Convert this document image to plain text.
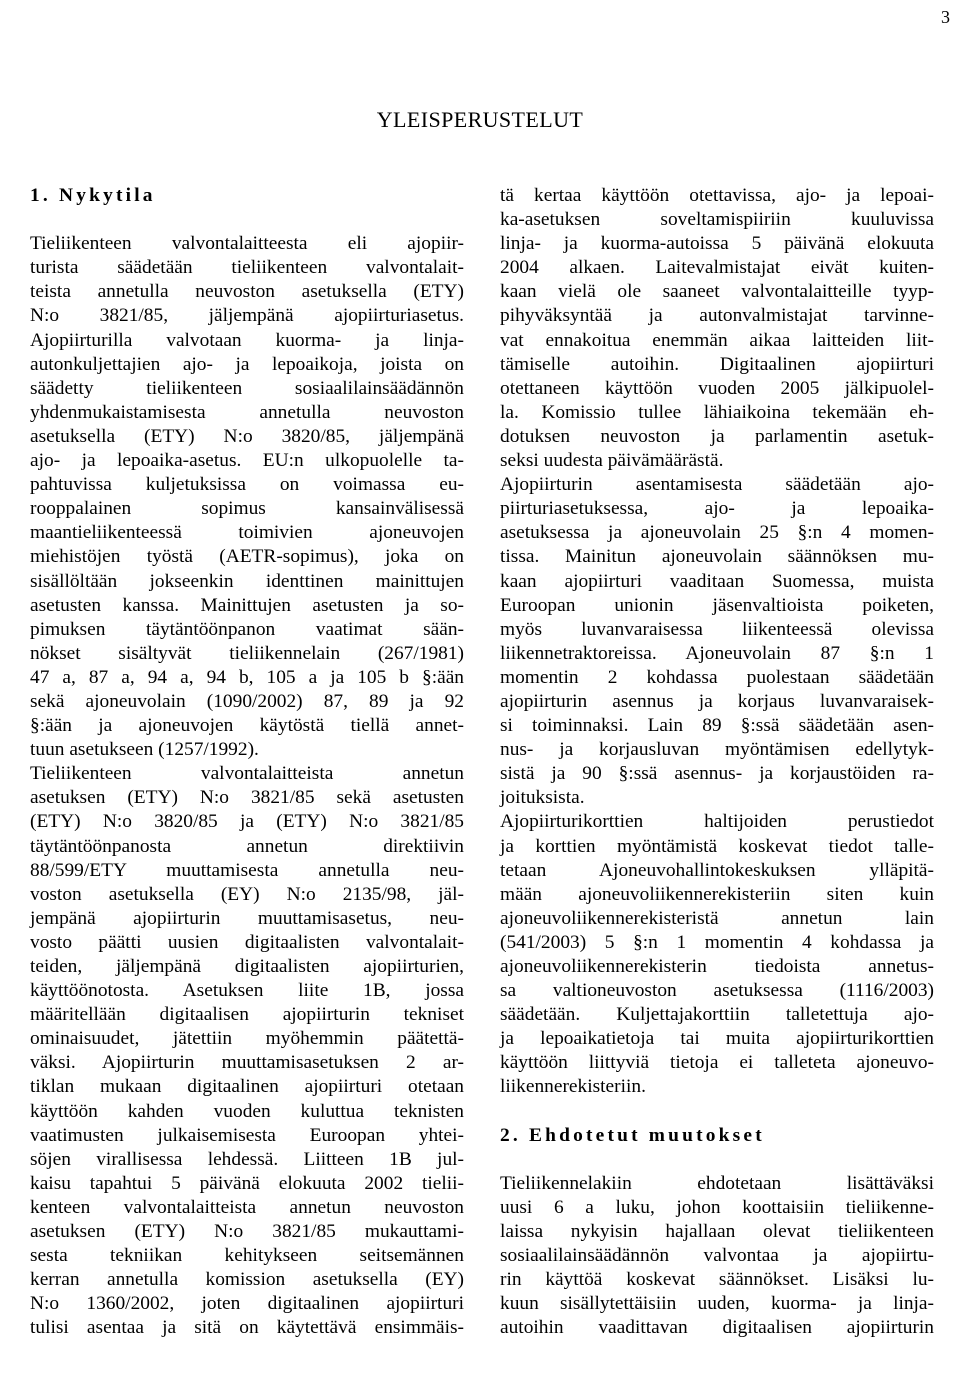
3
YLEISPERUSTELUT
1. Nykytila
Tieliikenteen valvontalaitteesta eli ajopiir-
turista säädetään tieliikenteen valvontalait-
teista annetulla neuvoston asetuksella (ETY)
N:o 3821/85, jäljempänä ajopiirturiasetus.
Ajopiirturilla valvotaan kuorma- ja linja-
autonkuljettajien ajo- ja lepoaikoja, joista on
säädetty tieliikenteen sosiaalilainsäädännön
yhdenmukaistamisesta annetulla neuvoston
asetuksella (ETY) N:o 3820/85, jäljempänä
ajo- ja lepoaika-asetus. EU:n ulkopuolelle ta-
pahtuvissa kuljetuksissa on voimassa eu-
rooppalainen sopimus kansainvälisessä
maantieliikenteessä toimivien ajoneuvojen
miehistöjen työstä (AETR-sopimus), joka on
sisällöltään jokseenkin identtinen mainittujen
asetusten kanssa. Mainittujen asetusten ja so-
pimuksen täytäntöönpanon vaatimat sään-
nökset sisältyvät tieliikennelain (267/1981)
47 a, 87 a, 94 a, 94 b, 105 a ja 105 b §:ään
sekä ajoneuvolain (1090/2002) 87, 89 ja 92
§:ään ja ajoneuvojen käytöstä tiellä annet-
tuun asetukseen (1257/1992).
Tieliikenteen valvontalaitteista annetun
asetuksen (ETY) N:o 3821/85 sekä asetusten
(ETY) N:o 3820/85 ja (ETY) N:o 3821/85
täytäntöönpanosta annetun direktiivin
88/599/ETY muuttamisesta annetulla neu-
voston asetuksella (EY) N:o 2135/98, jäl-
jempänä ajopiirturin muuttamisasetus, neu-
vosto päätti uusien digitaalisten valvontalait-
teiden, jäljempänä digitaalisten ajopiirturien,
käyttöönotosta. Asetuksen liite 1B, jossa
määritellään digitaalisen ajopiirturin tekniset
ominaisuudet, jätettiin myöhemmin päätettä-
väksi. Ajopiirturin muuttamisasetuksen 2 ar-
tiklan mukaan digitaalinen ajopiirturi otetaan
käyttöön kahden vuoden kuluttua teknisten
vaatimusten julkaisemisesta Euroopan yhtei-
söjen virallisessa lehdessä. Liitteen 1B jul-
kaisu tapahtui 5 päivänä elokuuta 2002 tielii-
kenteen valvontalaitteista annetun neuvoston
asetuksen (ETY) N:o 3821/85 mukauttami-
sesta tekniikan kehitykseen seitsemännen
kerran annetulla komission asetuksella (EY)
N:o 1360/2002, joten digitaalinen ajopiirturi
tulisi asentaa ja sitä on käytettävä ensimmäis-
tä kertaa käyttöön otettavissa, ajo- ja lepoai-
ka-asetuksen soveltamispiiriin kuuluvissa
linja- ja kuorma-autoissa 5 päivänä elokuuta
2004 alkaen. Laitevalmistajat eivät kuiten-
kaan vielä ole saaneet valvontalaitteille tyyp-
pihyväksyntää ja autonvalmistajat tarvinne-
vat ennakoitua enemmän aikaa laitteiden liit-
tämiselle autoihin. Digitaalinen ajopiirturi
otettaneen käyttöön vuoden 2005 jälkipuolel-
la. Komissio tullee lähiaikoina tekemään eh-
dotuksen neuvoston ja parlamentin asetuk-
seksi uudesta päivämäärästä.
Ajopiirturin asentamisesta säädetään ajo-
piirturiasetuksessa, ajo- ja lepoaika-
asetuksessa ja ajoneuvolain 25 §:n 4 momen-
tissa. Mainitun ajoneuvolain säännöksen mu-
kaan ajopiirturi vaaditaan Suomessa, muista
Euroopan unionin jäsenvaltioista poiketen,
myös luvanvaraisessa liikenteessä olevissa
liikennetraktoreissa. Ajoneuvolain 87 §:n 1
momentin 2 kohdassa puolestaan säädetään
ajopiirturin asennus ja korjaus luvanvaraisek-
si toiminnaksi. Lain 89 §:ssä säädetään asen-
nus- ja korjausluvan myöntämisen edellytyk-
sistä ja 90 §:ssä asennus- ja korjaustöiden ra-
joituksista.
Ajopiirturikorttien haltijoiden perustiedot
ja korttien myöntämistä koskevat tiedot talle-
tetaan Ajoneuvohallintokeskuksen ylläpitä-
mään ajoneuvoliikennerekisteriin siten kuin
ajoneuvoliikennerekisteristä annetun lain
(541/2003) 5 §:n 1 momentin 4 kohdassa ja
ajoneuvoliikennerekisterin tiedoista annetus-
sa valtioneuvoston asetuksessa (1116/2003)
säädetään. Kuljettajakorttiin talletettuja ajo-
ja lepoaikatietoja tai muita ajopiirturikorttien
käyttöön liittyviä tietoja ei talleteta ajoneuvo-
liikennerekisteriin.
2. Ehdotetut muutokset
Tieliikennelakiin ehdotetaan lisättäväksi
uusi 6 a luku, johon koottaisiin tieliikenne-
laissa nykyisin hajallaan olevat tieliikenteen
sosiaalilainsäädännön valvontaa ja ajopiirtu-
rin käyttöä koskevat säännökset. Lisäksi lu-
kuun sisällytettäisiin uuden, kuorma- ja linja-
autoihin vaadittavan digitaalisen ajopiirturin
